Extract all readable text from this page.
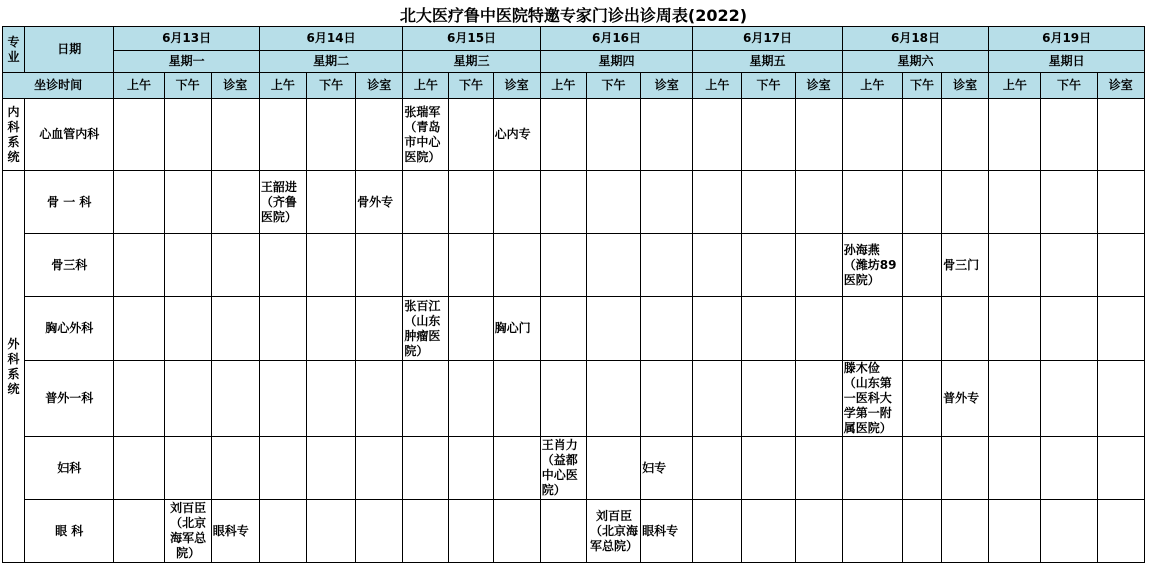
北大医疗鲁中医院特邀专家门诊出诊周表(2022)																						
专业	日期	6月13日			6月14日			6月15日			6月16日			6月17日			6月18日			6月19日		
		星期一			星期二			星期三			星期四			星期五			星期六			星期日		
坐诊时间		上午	下午	诊室	上午	下午	诊室	上午	下午	诊室	上午	下午	诊室	上午	下午	诊室	上午	下午	诊室	上午	下午	诊室
内科系统	心血管内科							张瑞军（青岛市中心医院）		心内专												
外科系统	骨 一 科				王韶进（齐鲁医院）		骨外专															
	骨三科																孙海燕（潍坊89医院）		骨三门			
	胸心外科							张百江（山东肿瘤医院）		胸心门												
	普外一科																滕木俭（山东第一医科大学第一附属医院）		普外专			
	妇科										王肖力（益都中心医院）		妇专									
	眼 科		刘百臣（北京海军总院）	眼科专								刘百臣（北京海军总院）	眼科专									
